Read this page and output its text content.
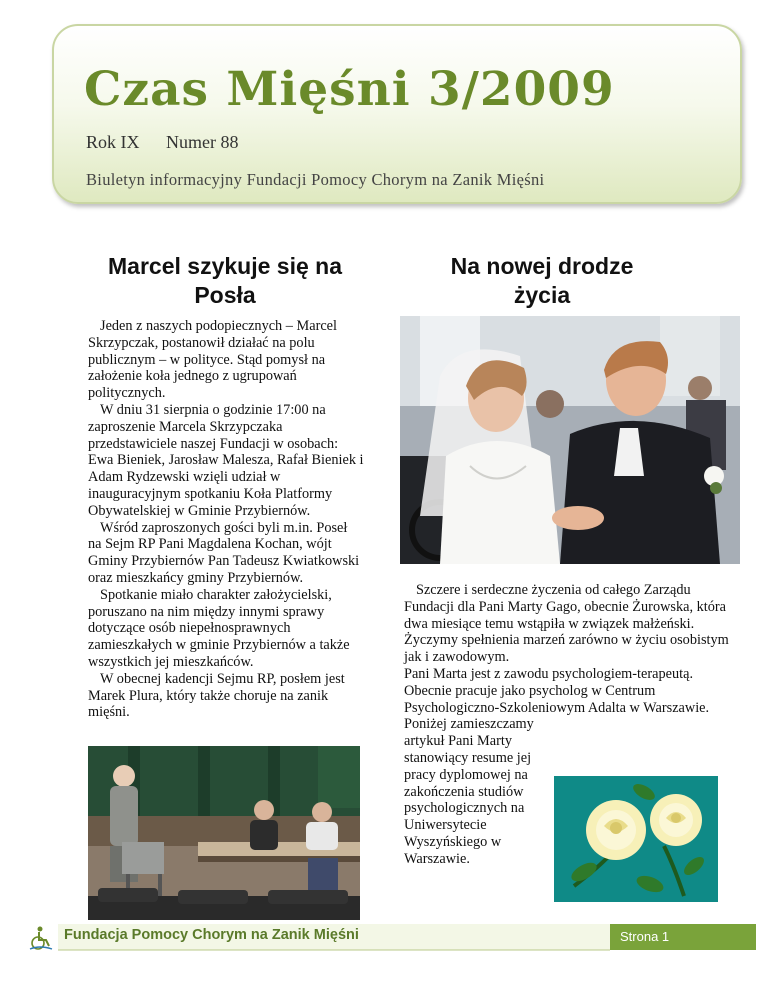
Czas Mięśni 3/2009
Rok IX Numer 88
Biuletyn informacyjny Fundacji Pomocy Chorym na Zanik Mięśni
Marcel szykuje się na
Posła

Jeden z naszych podopiecznych – Marcel Skrzypczak, postanowił działać na polu publicznym – w polityce. Stąd pomysł na założenie koła jednego z ugrupowań politycznych.

W dniu 31 sierpnia o godzinie 17:00 na zaproszenie Marcela Skrzypczaka przedstawiciele naszej Fundacji w osobach: Ewa Bieniek, Jarosław Malesza, Rafał Bieniek i Adam Rydzewski wzięli udział w inauguracyjnym spotkaniu Koła Platformy Obywatelskiej w Gminie Przybiernów.

Wśród zaproszonych gości byli m.in. Poseł na Sejm RP Pani Magdalena Kochan, wójt Gminy Przybiernów Pan Tadeusz Kwiatkowski oraz mieszkańcy gminy Przybiernów.

Spotkanie miało charakter założycielski, poruszano na nim między innymi sprawy dotyczące osób niepełnosprawnych zamieszkałych w gminie Przybiernów a także wszystkich jej mieszkańców.

W obecnej kadencji Sejmu RP, posłem jest Marek Plura, który także choruje na zanik mięśni.

Na nowej drodze
życia

Szczere i serdeczne życzenia od całego Zarządu Fundacji dla Pani Marty Gago, obecnie Żurowska, która dwa miesiące temu wstąpiła w związek małżeński. Życzymy spełnienia marzeń zarówno w życiu osobistym jak i zawodowym.

Pani Marta jest z zawodu psychologiem-terapeutą. Obecnie pracuje jako psycholog w Centrum Psychologiczno-Szkoleniowym Adalta w Warszawie.

Poniżej zamieszczamy artykuł Pani Marty stanowiący resume jej pracy dyplomowej na zakończenia studiów psychologicznych na Uniwersytecie Wyszyńskiego w Warszawie.

Fundacja Pomocy Chorym na Zanik Mięśni	Strona 1
